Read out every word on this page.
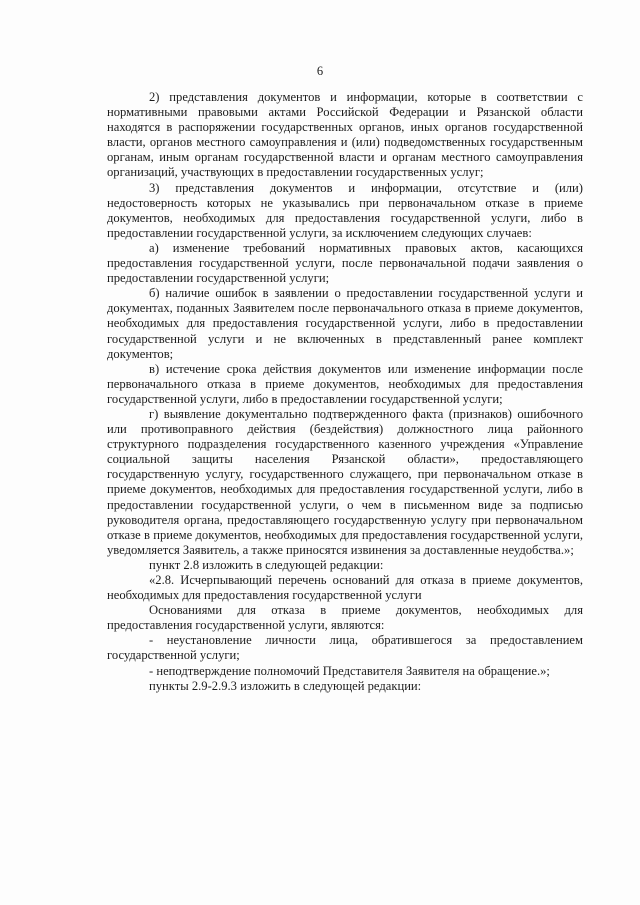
6

2) представления документов и информации, которые в соответствии с нормативными правовыми актами Российской Федерации и Рязанской области находятся в распоряжении государственных органов, иных органов государственной власти, органов местного самоуправления и (или) подведомственных государственным органам, иным органам государственной власти и органам местного самоуправления организаций, участвующих в предоставлении государственных услуг;

3) представления документов и информации, отсутствие и (или) недостоверность которых не указывались при первоначальном отказе в приеме документов, необходимых для предоставления государственной услуги, либо в предоставлении государственной услуги, за исключением следующих случаев:

а) изменение требований нормативных правовых актов, касающихся предоставления государственной услуги, после первоначальной подачи заявления о предоставлении государственной услуги;

б) наличие ошибок в заявлении о предоставлении государственной услуги и документах, поданных Заявителем после первоначального отказа в приеме документов, необходимых для предоставления государственной услуги, либо в предоставлении государственной услуги и не включенных в представленный ранее комплект документов;

в) истечение срока действия документов или изменение информации после первоначального отказа в приеме документов, необходимых для предоставления государственной услуги, либо в предоставлении государственной услуги;

г) выявление документально подтвержденного факта (признаков) ошибочного или противоправного действия (бездействия) должностного лица районного структурного подразделения государственного казенного учреждения «Управление социальной защиты населения Рязанской области», предоставляющего государственную услугу, государственного служащего, при первоначальном отказе в приеме документов, необходимых для предоставления государственной услуги, либо в предоставлении государственной услуги, о чем в письменном виде за подписью руководителя органа, предоставляющего государственную услугу при первоначальном отказе в приеме документов, необходимых для предоставления государственной услуги, уведомляется Заявитель, а также приносятся извинения за доставленные неудобства.»;

пункт 2.8 изложить в следующей редакции:

«2.8. Исчерпывающий перечень оснований для отказа в приеме документов, необходимых для предоставления государственной услуги

Основаниями для отказа в приеме документов, необходимых для предоставления государственной услуги, являются:

- неустановление личности лица, обратившегося за предоставлением государственной услуги;

- неподтверждение полномочий Представителя Заявителя на обращение.»;

пункты 2.9-2.9.3 изложить в следующей редакции:
